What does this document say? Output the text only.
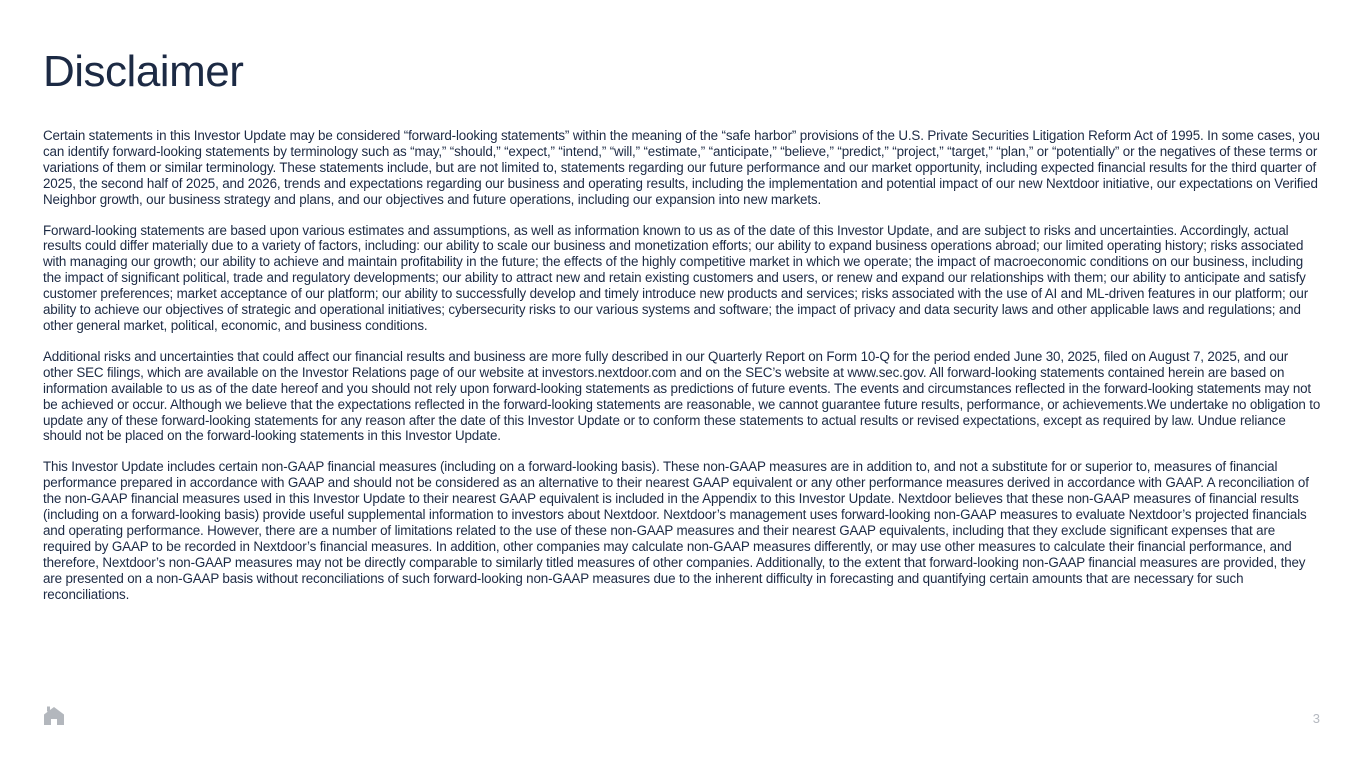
Disclaimer

Certain statements in this Investor Update may be considered “forward-looking statements” within the meaning of the “safe harbor” provisions of the U.S. Private Securities Litigation Reform Act of 1995. In some cases, you can identify forward-looking statements by terminology such as “may,” “should,” “expect,” “intend,” “will,” “estimate,” “anticipate,” “believe,” “predict,” “project,” “target,” “plan,” or “potentially” or the negatives of these terms or variations of them or similar terminology. These statements include, but are not limited to, statements regarding our future performance and our market opportunity, including expected financial results for the third quarter of 2025, the second half of 2025, and 2026, trends and expectations regarding our business and operating results, including the implementation and potential impact of our new Nextdoor initiative, our expectations on Verified Neighbor growth, our business strategy and plans, and our objectives and future operations, including our expansion into new markets.

Forward-looking statements are based upon various estimates and assumptions, as well as information known to us as of the date of this Investor Update, and are subject to risks and uncertainties. Accordingly, actual results could differ materially due to a variety of factors, including: our ability to scale our business and monetization efforts; our ability to expand business operations abroad; our limited operating history; risks associated with managing our growth; our ability to achieve and maintain profitability in the future; the effects of the highly competitive market in which we operate; the impact of macroeconomic conditions on our business, including the impact of significant political, trade and regulatory developments; our ability to attract new and retain existing customers and users, or renew and expand our relationships with them; our ability to anticipate and satisfy customer preferences; market acceptance of our platform; our ability to successfully develop and timely introduce new products and services; risks associated with the use of AI and ML-driven features in our platform; our ability to achieve our objectives of strategic and operational initiatives; cybersecurity risks to our various systems and software; the impact of privacy and data security laws and other applicable laws and regulations; and other general market, political, economic, and business conditions.

Additional risks and uncertainties that could affect our financial results and business are more fully described in our Quarterly Report on Form 10-Q for the period ended June 30, 2025, filed on August 7, 2025, and our other SEC filings, which are available on the Investor Relations page of our website at investors.nextdoor.com and on the SEC’s website at www.sec.gov. All forward-looking statements contained herein are based on information available to us as of the date hereof and you should not rely upon forward-looking statements as predictions of future events. The events and circumstances reflected in the forward-looking statements may not be achieved or occur. Although we believe that the expectations reflected in the forward-looking statements are reasonable, we cannot guarantee future results, performance, or achievements.We undertake no obligation to update any of these forward-looking statements for any reason after the date of this Investor Update or to conform these statements to actual results or revised expectations, except as required by law. Undue reliance should not be placed on the forward-looking statements in this Investor Update.

This Investor Update includes certain non-GAAP financial measures (including on a forward-looking basis). These non-GAAP measures are in addition to, and not a substitute for or superior to, measures of financial performance prepared in accordance with GAAP and should not be considered as an alternative to their nearest GAAP equivalent or any other performance measures derived in accordance with GAAP. A reconciliation of the non-GAAP financial measures used in this Investor Update to their nearest GAAP equivalent is included in the Appendix to this Investor Update. Nextdoor believes that these non-GAAP measures of financial results (including on a forward-looking basis) provide useful supplemental information to investors about Nextdoor. Nextdoor’s management uses forward-looking non-GAAP measures to evaluate Nextdoor’s projected financials and operating performance. However, there are a number of limitations related to the use of these non-GAAP measures and their nearest GAAP equivalents, including that they exclude significant expenses that are required by GAAP to be recorded in Nextdoor’s financial measures. In addition, other companies may calculate non-GAAP measures differently, or may use other measures to calculate their financial performance, and therefore, Nextdoor’s non-GAAP measures may not be directly comparable to similarly titled measures of other companies. Additionally, to the extent that forward-looking non-GAAP financial measures are provided, they are presented on a non-GAAP basis without reconciliations of such forward-looking non-GAAP measures due to the inherent difficulty in forecasting and quantifying certain amounts that are necessary for such reconciliations.

3
